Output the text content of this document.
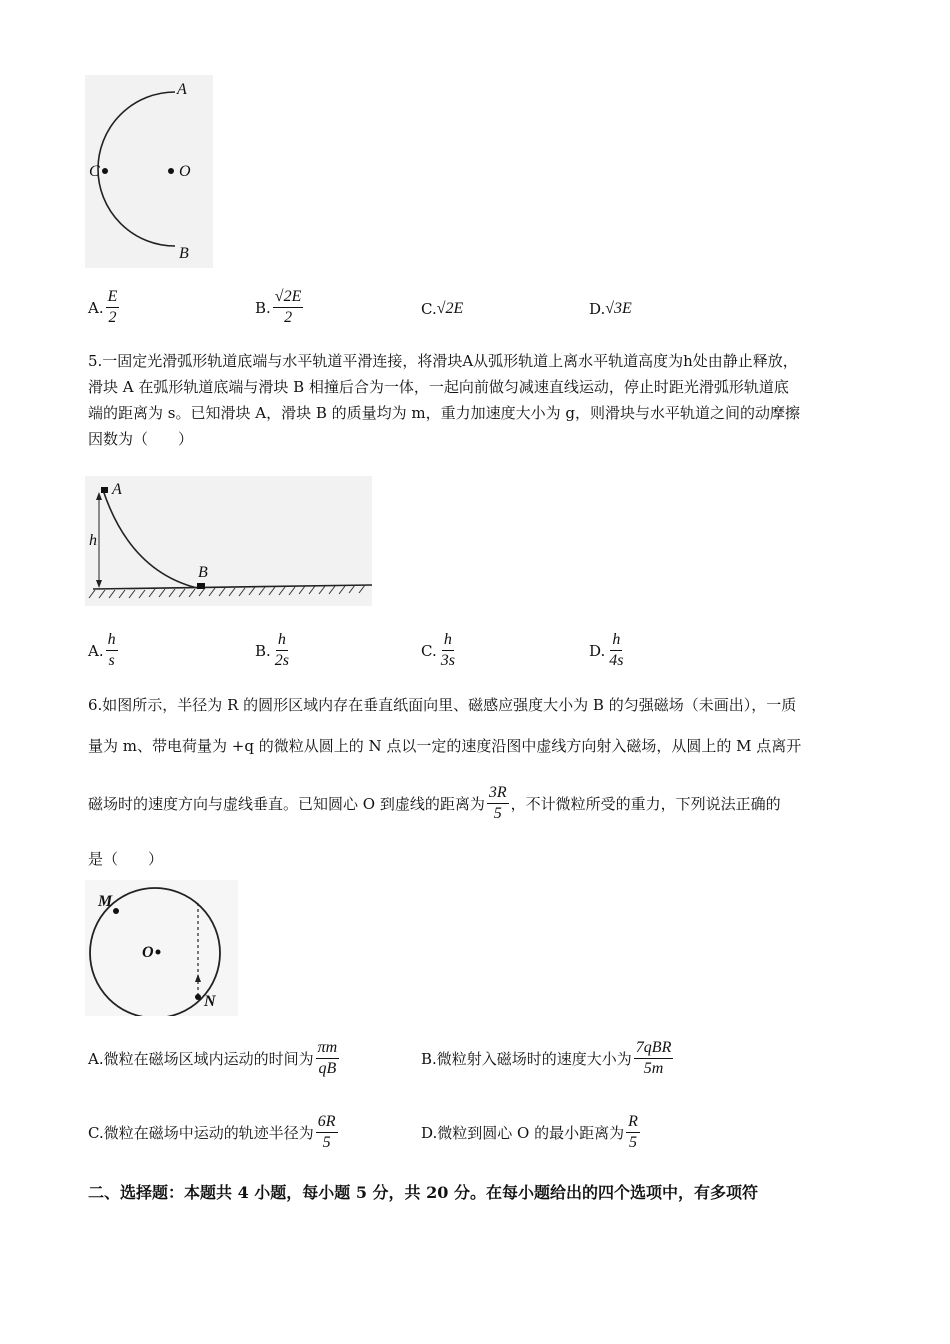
A
B
C	O
A. $\frac{E}{2}$	B. $\frac{√2E}{2}$	C. √2E	D. √3E
5.一固定光滑弧形轨道底端与水平轨道平滑连接，将滑块A从弧形轨道上离水平轨道高度为h处由静止释放，
滑块 A 在弧形轨道底端与滑块 B 相撞后合为一体，一起向前做匀减速直线运动，停止时距光滑弧形轨道底
端的距离为 s。已知滑块 A，滑块 B 的质量均为 m，重力加速度大小为 g，则滑块与水平轨道之间的动摩擦
因数为（　　）
A
B
h
A. $\frac{h}{s}$	B. $\frac{h}{2s}$	C. $\frac{h}{3s}$	D. $\frac{h}{4s}$
6.如图所示，半径为 R 的圆形区域内存在垂直纸面向里、磁感应强度大小为 B 的匀强磁场（未画出），一质
量为 m、带电荷量为 +q 的微粒从圆上的 N 点以一定的速度沿图中虚线方向射入磁场，从圆上的 M 点离开
磁场时的速度方向与虚线垂直。已知圆心 O 到虚线的距离为 $\frac{3R}{5}$ ，不计微粒所受的重力，下列说法正确的
是（　　）
M
O
N
A.微粒在磁场区域内运动的时间为 $\frac{\pi m}{qB}$	B.微粒射入磁场时的速度大小为 $\frac{\text{7qBR}}{5m}$
C.微粒在磁场中运动的轨迹半径为 $\frac{6R}{5}$	D.微粒到圆心 O 的最小距离为 $\frac{R}{5}$
二、选择题：本题共 4 小题，每小题 5 分，共 20 分。在每小题给出的四个选项中，有多项符
